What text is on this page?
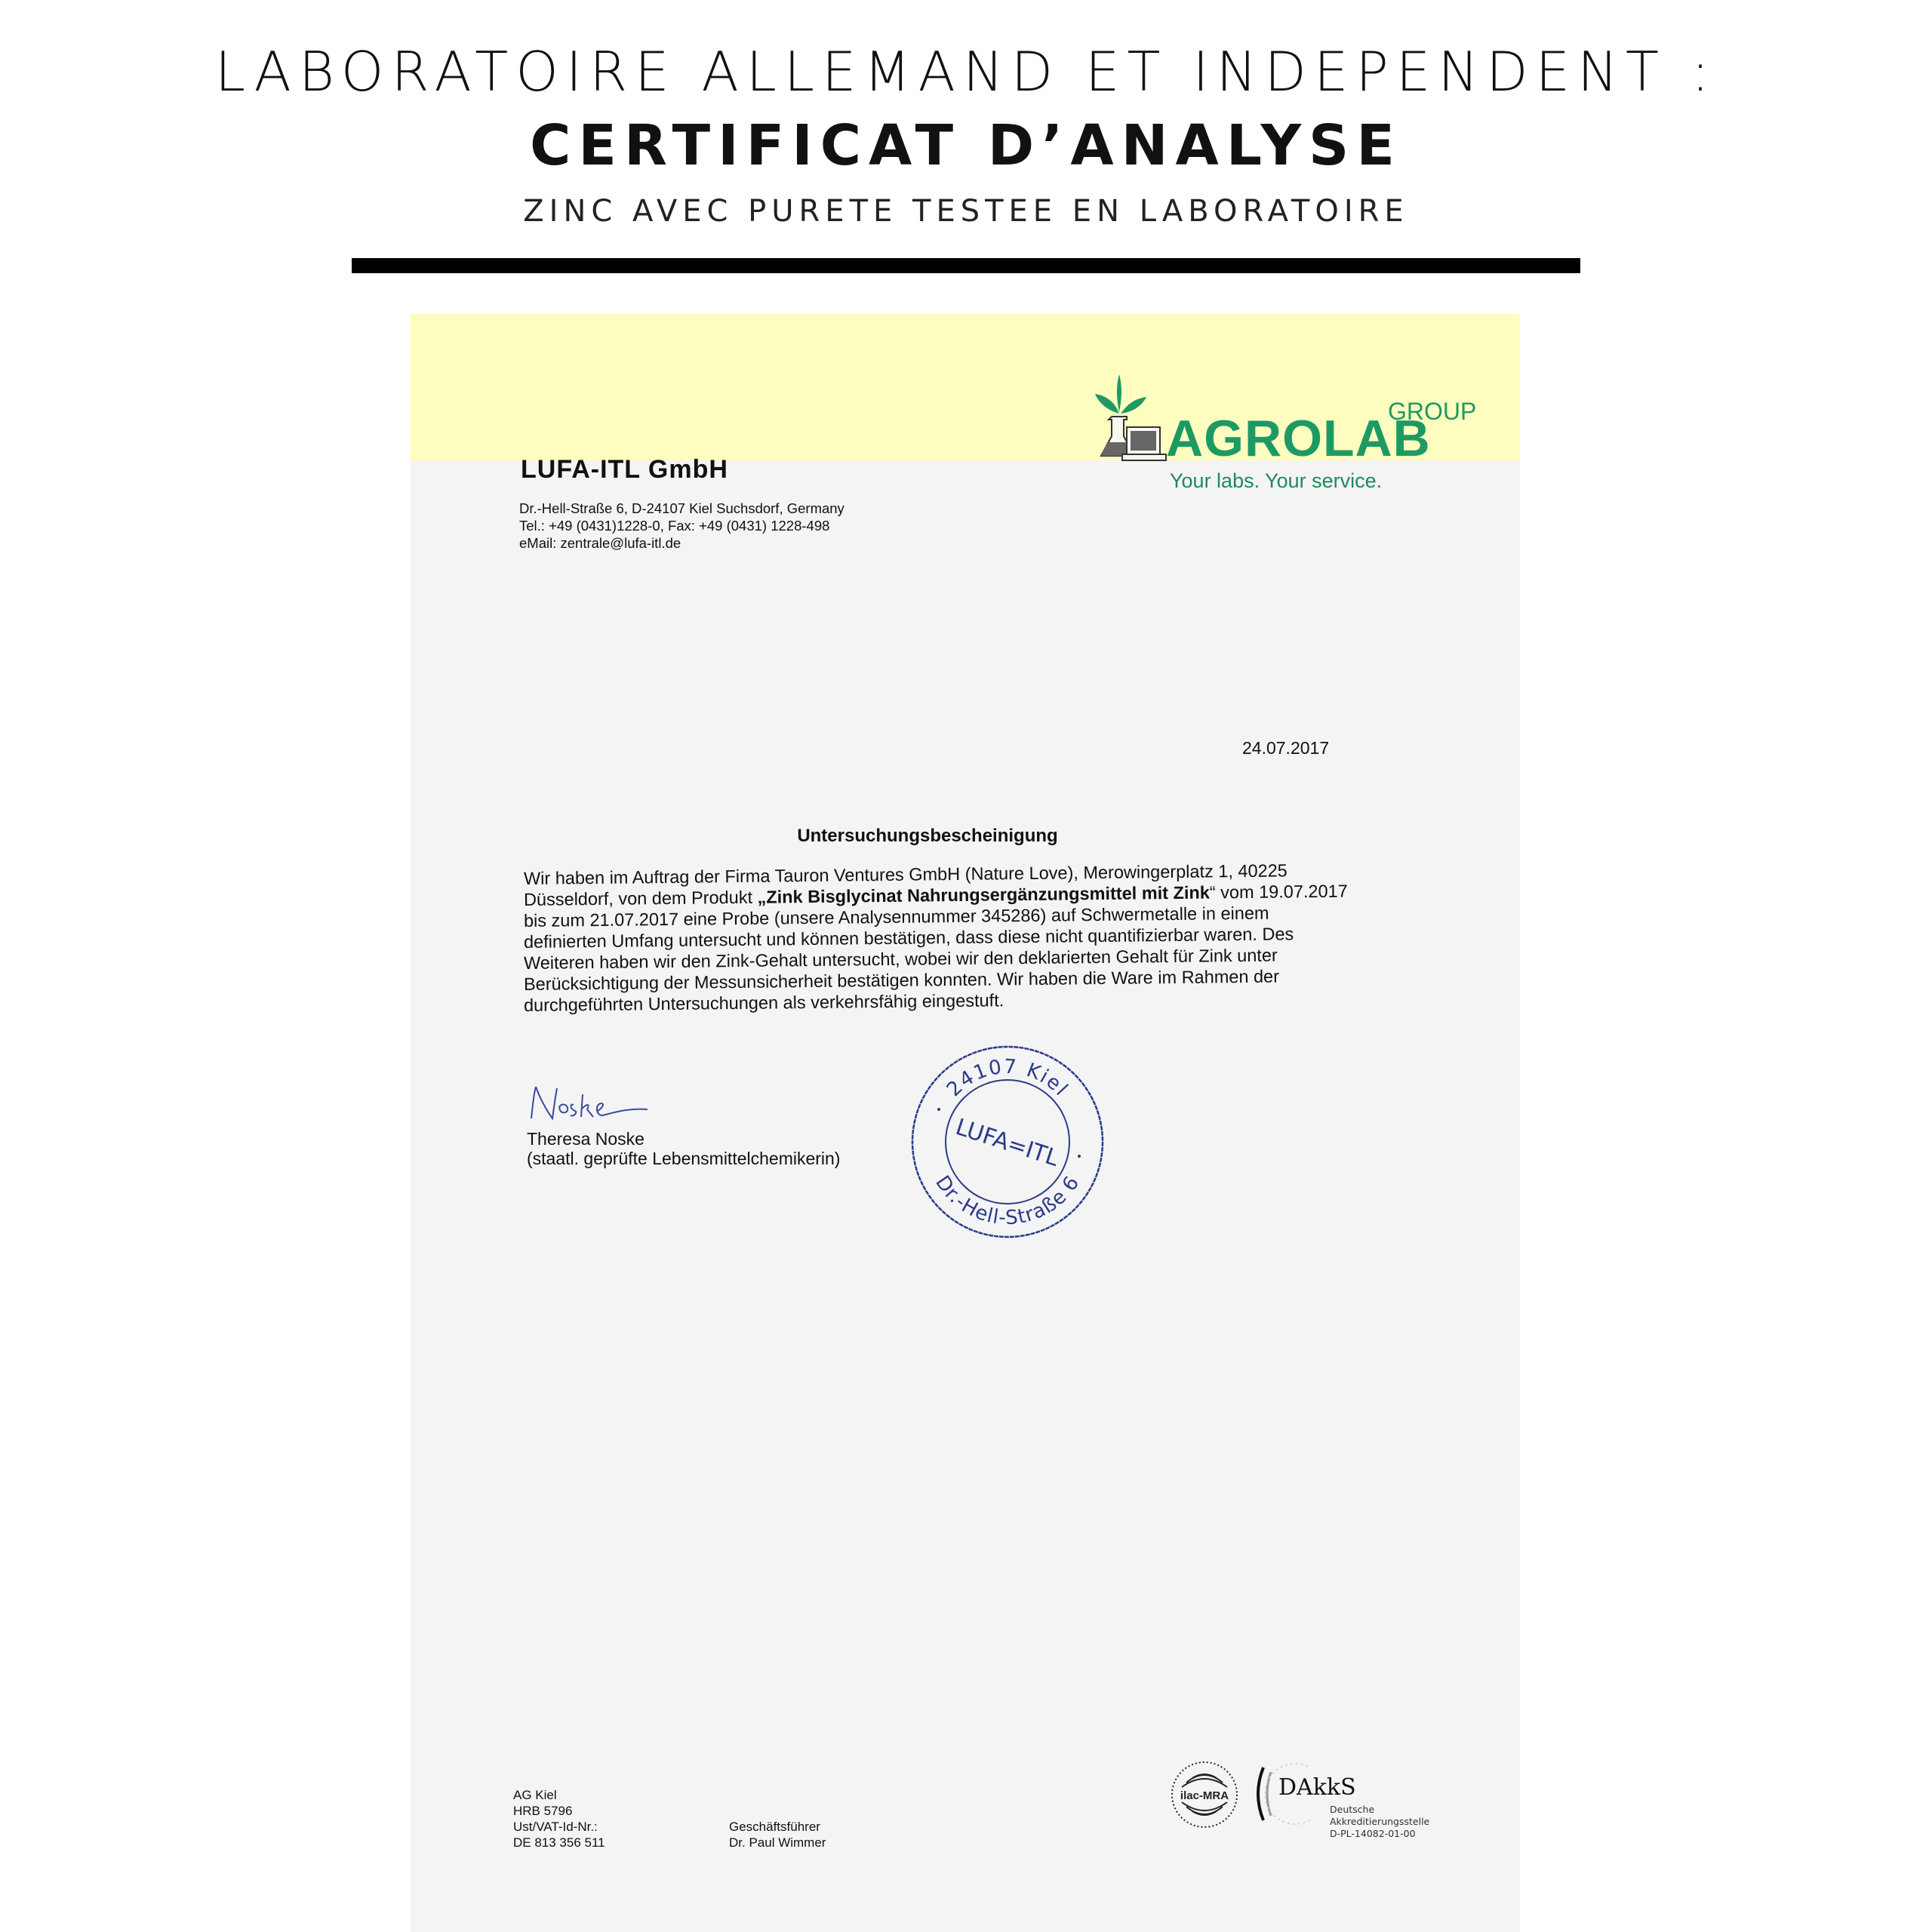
LABORATOIRE ALLEMAND ET INDEPENDENT :
CERTIFICAT D’ANALYSE
ZINC AVEC PURETE TESTEE EN LABORATOIRE
AGROLAB
GROUP
Your labs. Your service.
LUFA-ITL GmbH
Dr.-Hell-Straße 6, D-24107 Kiel Suchsdorf, Germany
Tel.: +49 (0431)1228-0, Fax: +49 (0431) 1228-498
eMail: zentrale@lufa-itl.de
24.07.2017
Untersuchungsbescheinigung
Wir haben im Auftrag der Firma Tauron Ventures GmbH (Nature Love), Merowingerplatz 1, 40225
Düsseldorf, von dem Produkt „Zink Bisglycinat Nahrungsergänzungsmittel mit Zink“ vom 19.07.2017
bis zum 21.07.2017 eine Probe (unsere Analysennummer 345286) auf Schwermetalle in einem
definierten Umfang untersucht und können bestätigen, dass diese nicht quantifizierbar waren. Des
Weiteren haben wir den Zink-Gehalt untersucht, wobei wir den deklarierten Gehalt für Zink unter
Berücksichtigung der Messunsicherheit bestätigen konnten. Wir haben die Ware im Rahmen der
durchgeführten Untersuchungen als verkehrsfähig eingestuft.
Theresa Noske
(staatl. geprüfte Lebensmittelchemikerin)
24107 Kiel
Dr.-Hell-Straße 6
LUFA=ITL
AG Kiel
HRB 5796
Ust/VAT-Id-Nr.:
DE 813 356 511
Geschäftsführer
Dr. Paul Wimmer
ilac-MRA DAkkS
Deutsche
Akkreditierungsstelle
D-PL-14082-01-00
